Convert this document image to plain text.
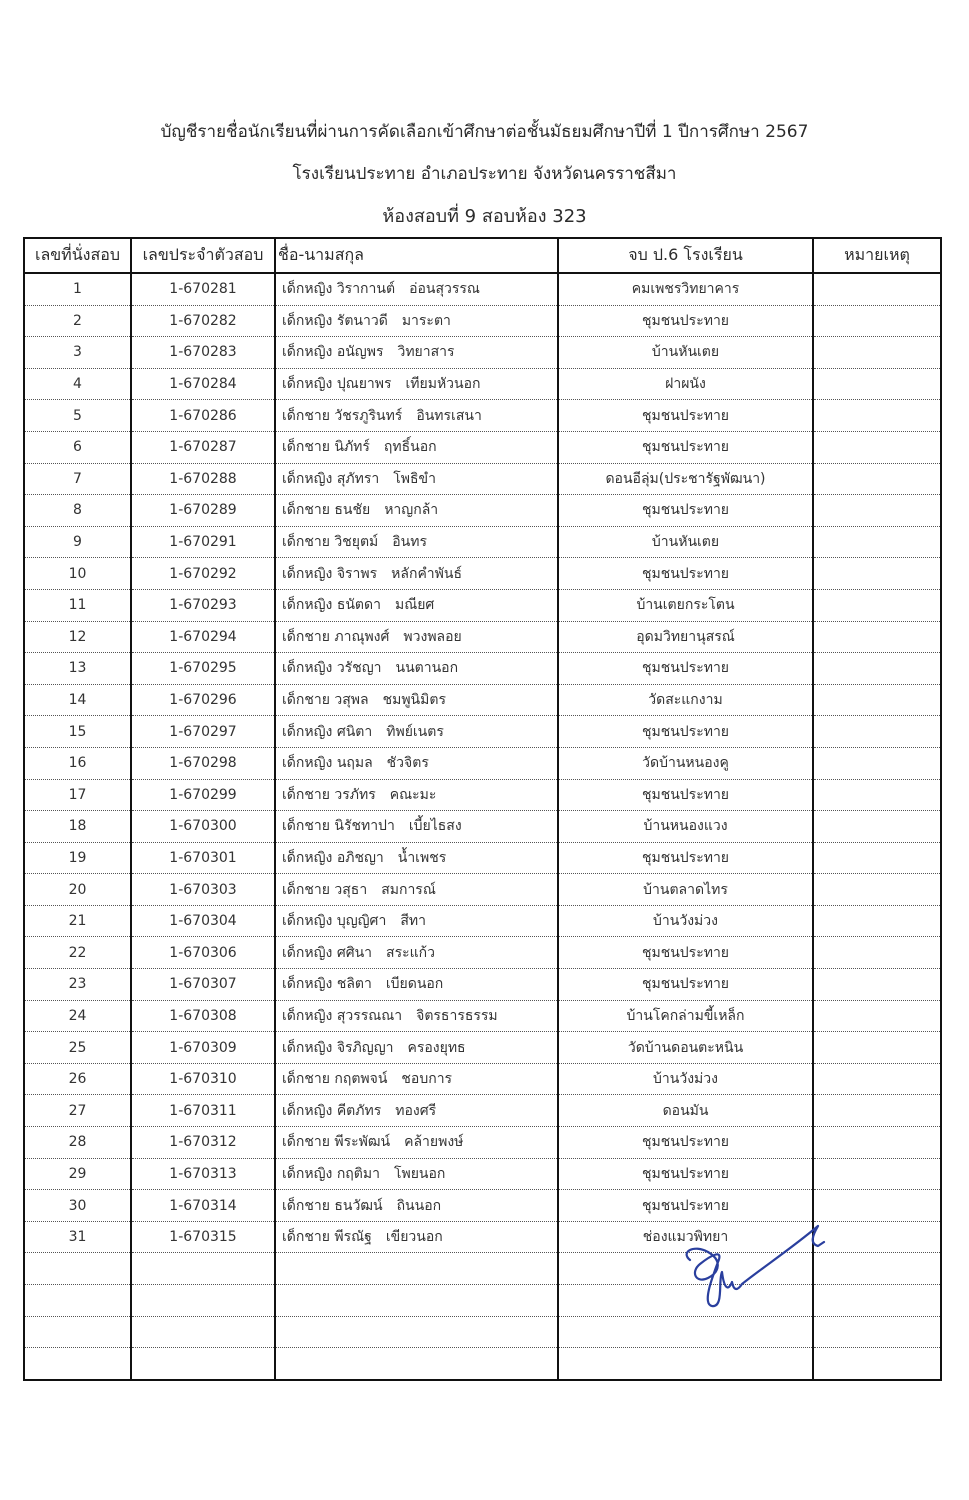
บัญชีรายชื่อนักเรียนที่ผ่านการคัดเลือกเข้าศึกษาต่อชั้นมัธยมศึกษาปีที่ 1 ปีการศึกษา 2567
โรงเรียนประทาย อำเภอประทาย จังหวัดนครราชสีมา
ห้องสอบที่ 9 สอบห้อง 323
เลขที่นั่งสอบ	เลขประจำตัวสอบ	ชื่อ-นามสกุล	จบ ป.6 โรงเรียน	หมายเหตุ
1	1-670281	เด็กหญิง วิรากานต์ อ่อนสุวรรณ	คมเพชรวิทยาคาร	
2	1-670282	เด็กหญิง รัตนาวดี มาระตา	ชุมชนประทาย	
3	1-670283	เด็กหญิง อนัญพร วิทยาสาร	บ้านหันเตย	
4	1-670284	เด็กหญิง ปุณยาพร เทียมหัวนอก	ฝาผนัง	
5	1-670286	เด็กชาย วัชรภูรินทร์ อินทรเสนา	ชุมชนประทาย	
6	1-670287	เด็กชาย นิภัทร์ ฤทธิ์นอก	ชุมชนประทาย	
7	1-670288	เด็กหญิง สุภัทรา โพธิขำ	ดอนอีลุ่ม(ประชารัฐพัฒนา)	
8	1-670289	เด็กชาย ธนชัย หาญกล้า	ชุมชนประทาย	
9	1-670291	เด็กชาย วิชยุตม์ อินทร	บ้านหันเตย	
10	1-670292	เด็กหญิง จิราพร หลักคำพันธ์	ชุมชนประทาย	
11	1-670293	เด็กหญิง ธนัตดา มณียศ	บ้านเตยกระโตน	
12	1-670294	เด็กชาย ภาณุพงศ์ พวงพลอย	อุดมวิทยานุสรณ์	
13	1-670295	เด็กหญิง วรัชญา นนตานอก	ชุมชนประทาย	
14	1-670296	เด็กชาย วสุพล ชมพูนิมิตร	วัดสะแกงาม	
15	1-670297	เด็กหญิง ศนิตา ทิพย์เนตร	ชุมชนประทาย	
16	1-670298	เด็กหญิง นฤมล ชัวจิตร	วัดบ้านหนองคู	
17	1-670299	เด็กชาย วรภัทร คณะมะ	ชุมชนประทาย	
18	1-670300	เด็กชาย นิรัชทาปา เบี้ยไธสง	บ้านหนองแวง	
19	1-670301	เด็กหญิง อภิชญา น้ำเพชร	ชุมชนประทาย	
20	1-670303	เด็กชาย วสุธา สมการณ์	บ้านตลาดไทร	
21	1-670304	เด็กหญิง บุญญิศา สีทา	บ้านวังม่วง	
22	1-670306	เด็กหญิง ศศินา สระแก้ว	ชุมชนประทาย	
23	1-670307	เด็กหญิง ชลิตา เบียดนอก	ชุมชนประทาย	
24	1-670308	เด็กหญิง สุวรรณณา จิตรธารธรรม	บ้านโคกล่ามขี้เหล็ก	
25	1-670309	เด็กหญิง จิรภิญญา ครองยุทธ	วัดบ้านดอนตะหนิน	
26	1-670310	เด็กชาย กฤตพจน์ ชอบการ	บ้านวังม่วง	
27	1-670311	เด็กหญิง คีตภัทร ทองศรี	ดอนมัน	
28	1-670312	เด็กชาย พีระพัฒน์ คล้ายพงษ์	ชุมชนประทาย	
29	1-670313	เด็กหญิง กฤติมา โพยนอก	ชุมชนประทาย	
30	1-670314	เด็กชาย ธนวัฒน์ ถินนอก	ชุมชนประทาย	
31	1-670315	เด็กชาย พีรณัฐ เขียวนอก	ช่องแมวพิทยา	
